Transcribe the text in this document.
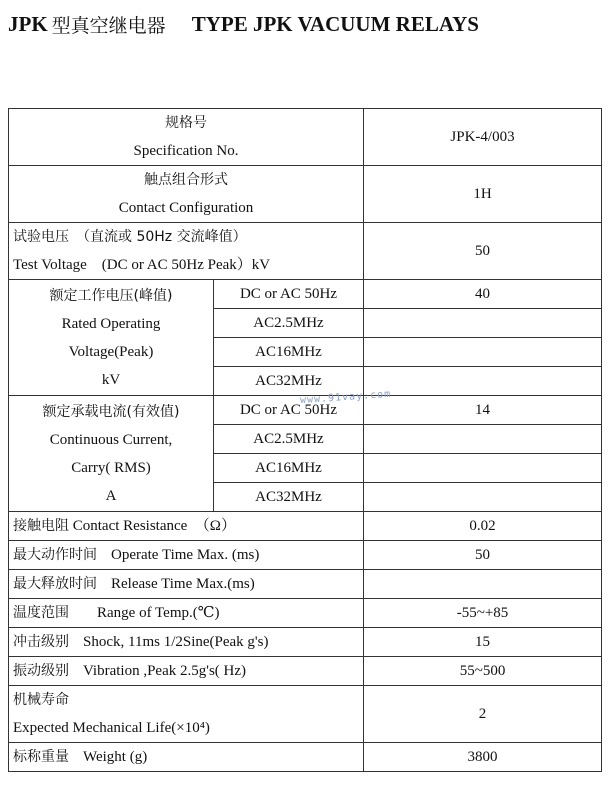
JPK 型真空继电器 TYPE JPK VACUUM RELAYS
规格号
Specification No.		JPK-4/003

触点组合形式
Contact Configuration		1H

试验电压　（直流或 50Hz 交流峰值）
Test Voltage　(DC or AC 50Hz Peak）kV		50

额定工作电压(峰值)
Rated Operating
Voltage(Peak)
kV	DC or AC 50Hz	40
	AC2.5MHz	
	AC16MHz	
	AC32MHz	

额定承载电流(有效值)
Continuous Current,
Carry( RMS)
A	DC or AC 50Hz	14
	AC2.5MHz	
	AC16MHz	
	AC32MHz	
接触电阻 Contact Resistance　（Ω）		0.02
最大动作时间 Operate Time Max. (ms)		50
最大释放时间 Release Time Max.(ms)		
温度范围 Range of Temp.(℃)		-55~+85
冲击级别 Shock, 11ms 1/2Sine(Peak g's)		15
振动级别 Vibration ,Peak 2.5g's( Hz)		55~500

机械寿命
Expected Mechanical Life(×10⁴)		2
标称重量 Weight (g)		3800
www.91vay.com
